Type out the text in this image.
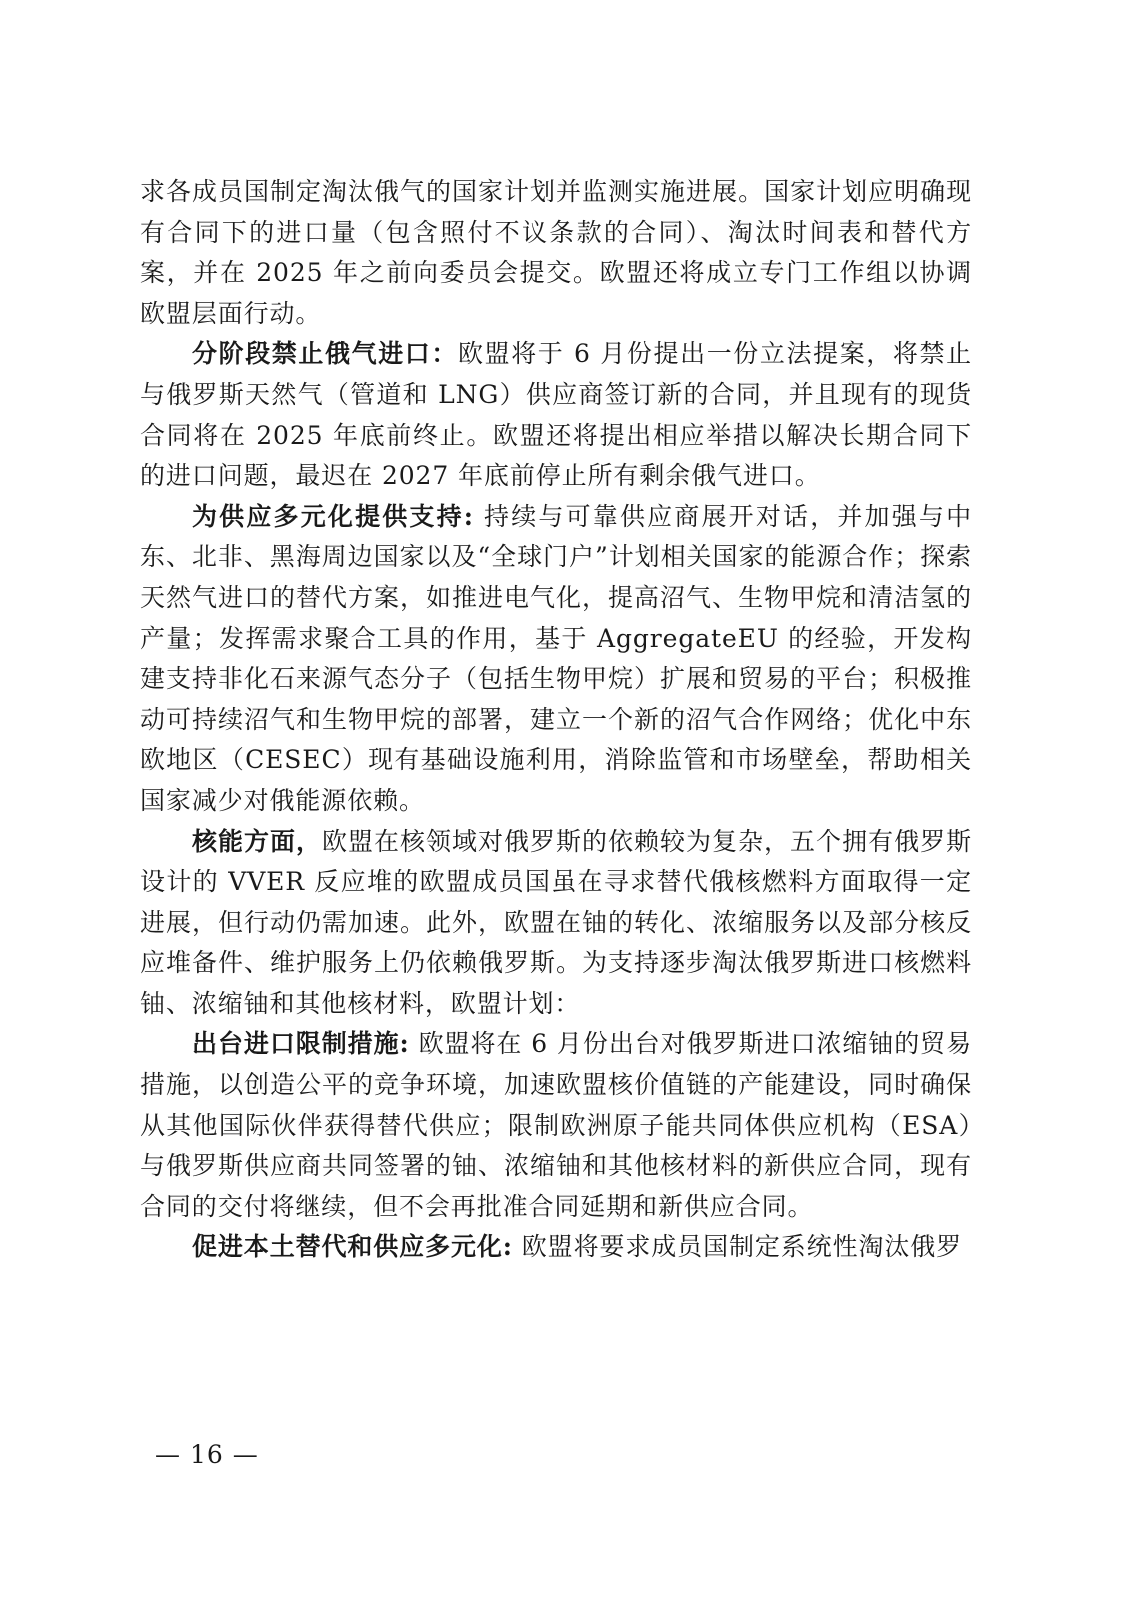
求各成员国制定淘汰俄气的国家计划并监测实施进展。国家计划应明确现有合同下的进口量（包含照付不议条款的合同）、淘汰时间表和替代方案，并在 2025 年之前向委员会提交。欧盟还将成立专门工作组以协调欧盟层面行动。

分阶段禁止俄气进口：欧盟将于 6 月份提出一份立法提案，将禁止与俄罗斯天然气（管道和 LNG）供应商签订新的合同，并且现有的现货合同将在 2025 年底前终止。欧盟还将提出相应举措以解决长期合同下的进口问题，最迟在 2027 年底前停止所有剩余俄气进口。

为供应多元化提供支持: 持续与可靠供应商展开对话，并加强与中东、北非、黑海周边国家以及“全球门户”计划相关国家的能源合作；探索天然气进口的替代方案，如推进电气化，提高沼气、生物甲烷和清洁氢的产量；发挥需求聚合工具的作用，基于 AggregateEU 的经验，开发构建支持非化石来源气态分子（包括生物甲烷）扩展和贸易的平台；积极推动可持续沼气和生物甲烷的部署，建立一个新的沼气合作网络；优化中东欧地区（CESEC）现有基础设施利用，消除监管和市场壁垒，帮助相关国家减少对俄能源依赖。

核能方面，欧盟在核领域对俄罗斯的依赖较为复杂，五个拥有俄罗斯设计的 VVER 反应堆的欧盟成员国虽在寻求替代俄核燃料方面取得一定进展，但行动仍需加速。此外，欧盟在铀的转化、浓缩服务以及部分核反应堆备件、维护服务上仍依赖俄罗斯。为支持逐步淘汰俄罗斯进口核燃料铀、浓缩铀和其他核材料，欧盟计划：

出台进口限制措施: 欧盟将在 6 月份出台对俄罗斯进口浓缩铀的贸易措施，以创造公平的竞争环境，加速欧盟核价值链的产能建设，同时确保从其他国际伙伴获得替代供应；限制欧洲原子能共同体供应机构（ESA）与俄罗斯供应商共同签署的铀、浓缩铀和其他核材料的新供应合同，现有合同的交付将继续，但不会再批准合同延期和新供应合同。

促进本土替代和供应多元化: 欧盟将要求成员国制定系统性淘汰俄罗

— 16 —
